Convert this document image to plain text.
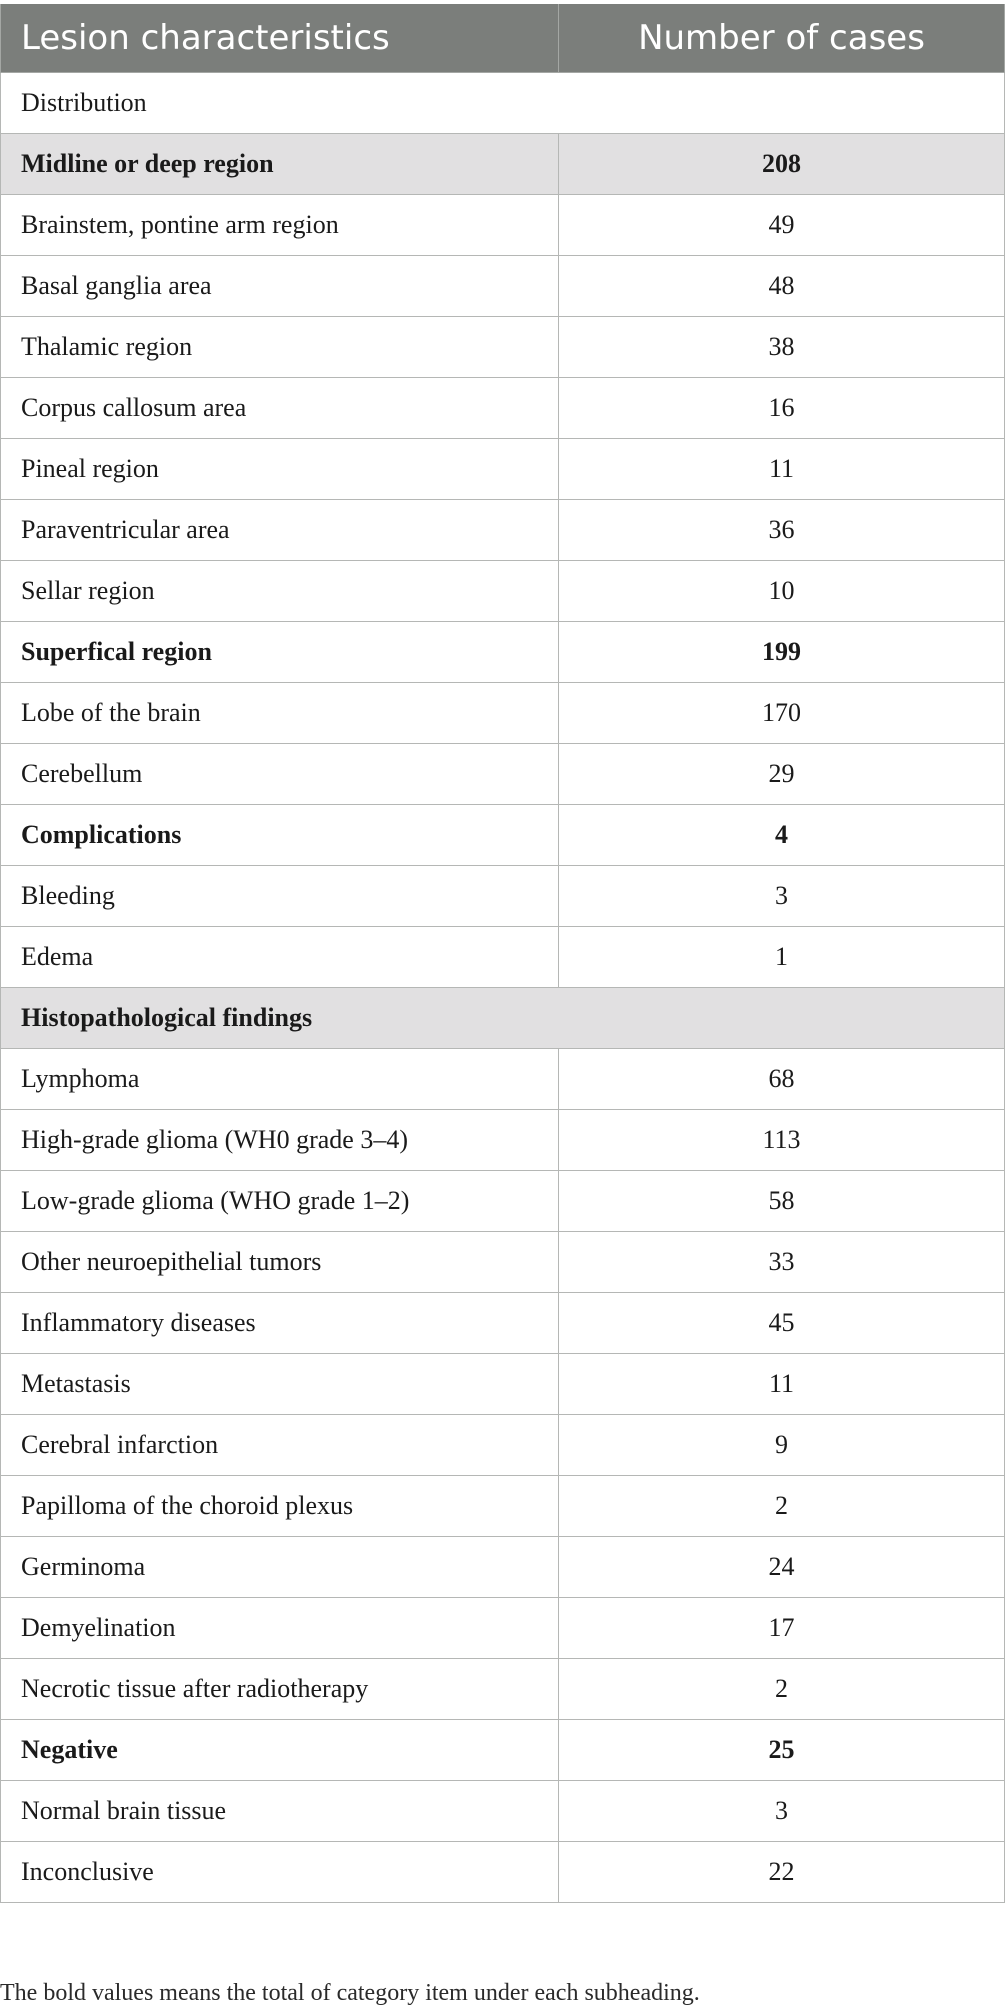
Lesion characteristics	Number of cases
Distribution	
Midline or deep region	208
Brainstem, pontine arm region	49
Basal ganglia area	48
Thalamic region	38
Corpus callosum area	16
Pineal region	11
Paraventricular area	36
Sellar region	10
Superfical region	199
Lobe of the brain	170
Cerebellum	29
Complications	4
Bleeding	3
Edema	1
Histopathological findings	
Lymphoma	68
High-grade glioma (WH0 grade 3–4)	113
Low-grade glioma (WHO grade 1–2)	58
Other neuroepithelial tumors	33
Inflammatory diseases	45
Metastasis	11
Cerebral infarction	9
Papilloma of the choroid plexus	2
Germinoma	24
Demyelination	17
Necrotic tissue after radiotherapy	2
Negative	25
Normal brain tissue	3
Inconclusive	22
The bold values means the total of category item under each subheading.
